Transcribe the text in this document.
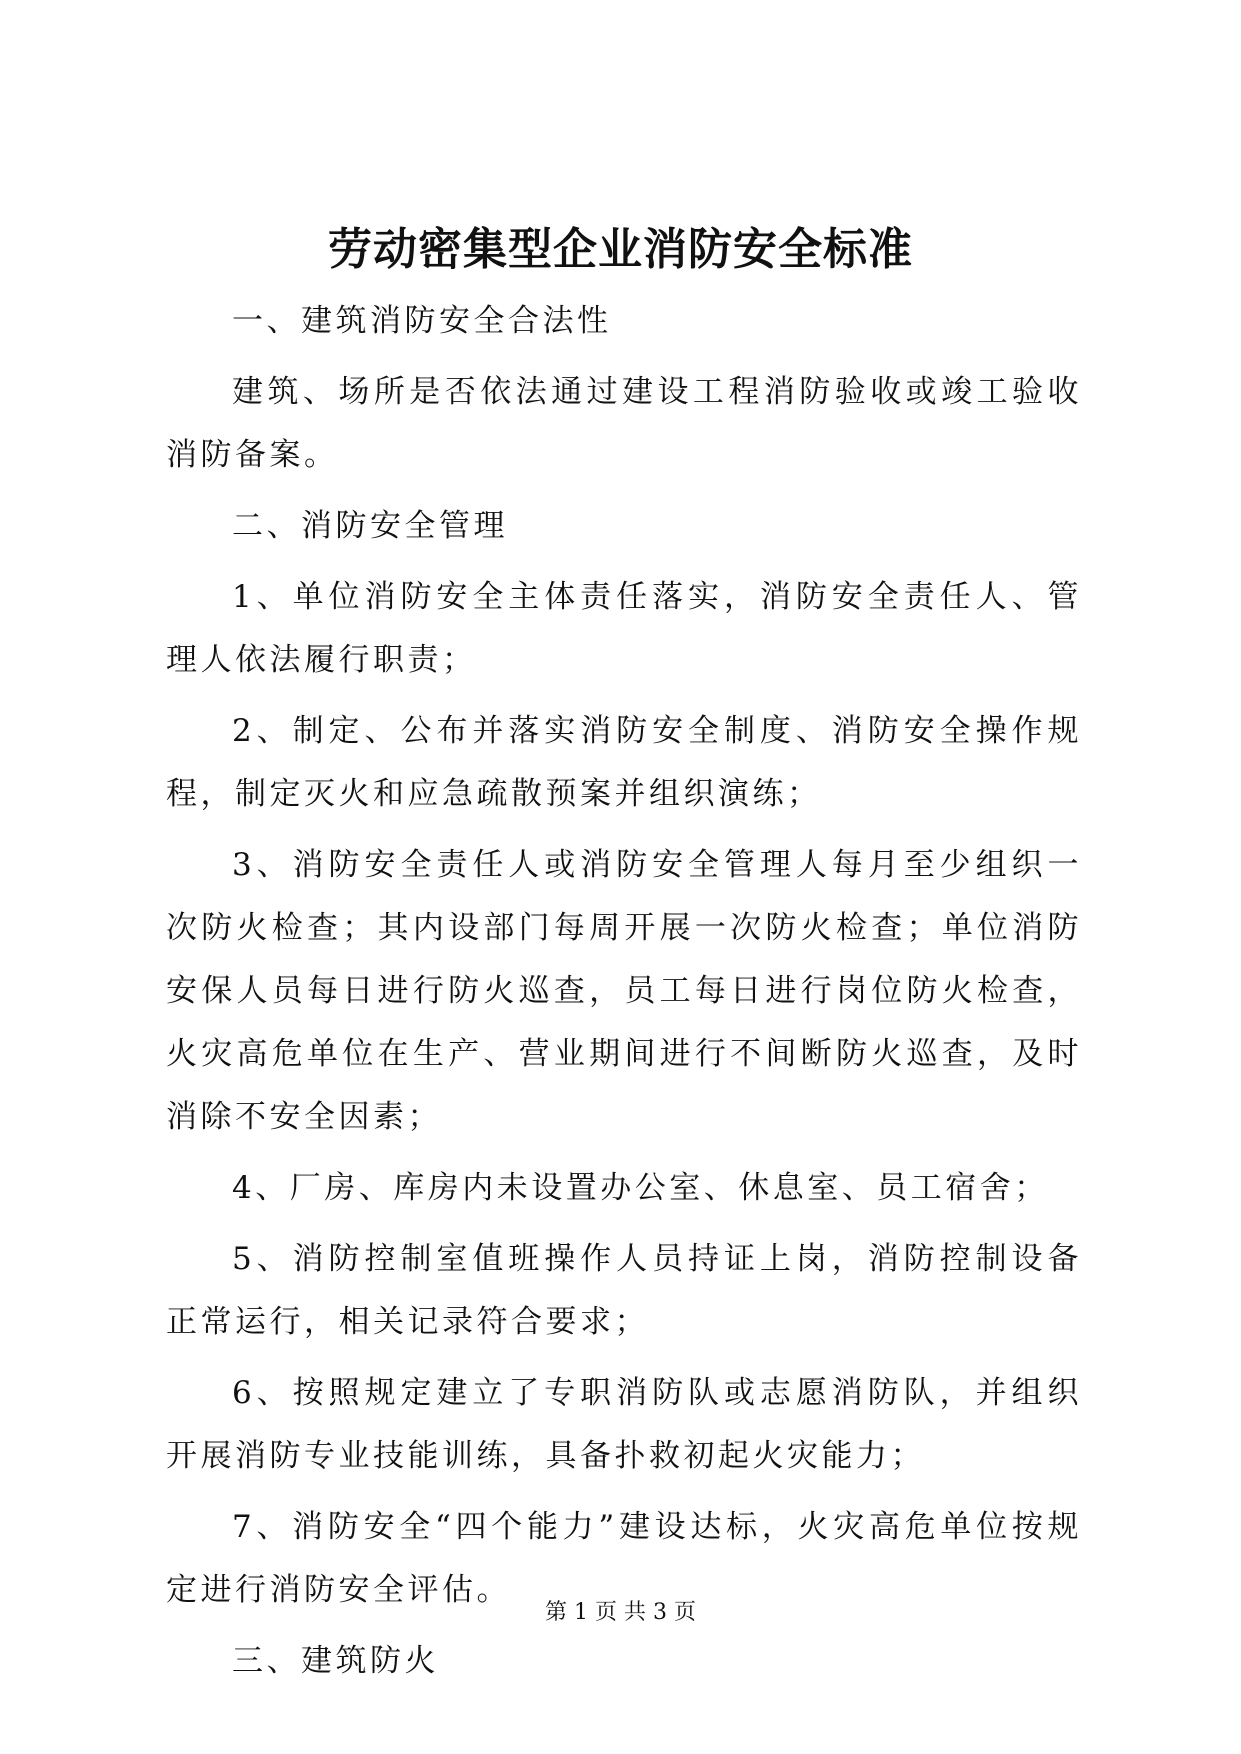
劳动密集型企业消防安全标准

一、建筑消防安全合法性

建筑、场所是否依法通过建设工程消防验收或竣工验收消防备案。

二、消防安全管理

1、单位消防安全主体责任落实，消防安全责任人、管理人依法履行职责；

2、制定、公布并落实消防安全制度、消防安全操作规程，制定灭火和应急疏散预案并组织演练；

3、消防安全责任人或消防安全管理人每月至少组织一次防火检查；其内设部门每周开展一次防火检查；单位消防安保人员每日进行防火巡查，员工每日进行岗位防火检查，火灾高危单位在生产、营业期间进行不间断防火巡查，及时消除不安全因素；

4、厂房、库房内未设置办公室、休息室、员工宿舍；

5、消防控制室值班操作人员持证上岗，消防控制设备正常运行，相关记录符合要求；

6、按照规定建立了专职消防队或志愿消防队，并组织开展消防专业技能训练，具备扑救初起火灾能力；

7、消防安全“四个能力”建设达标，火灾高危单位按规定进行消防安全评估。

三、建筑防火

第 1 页 共 3 页
